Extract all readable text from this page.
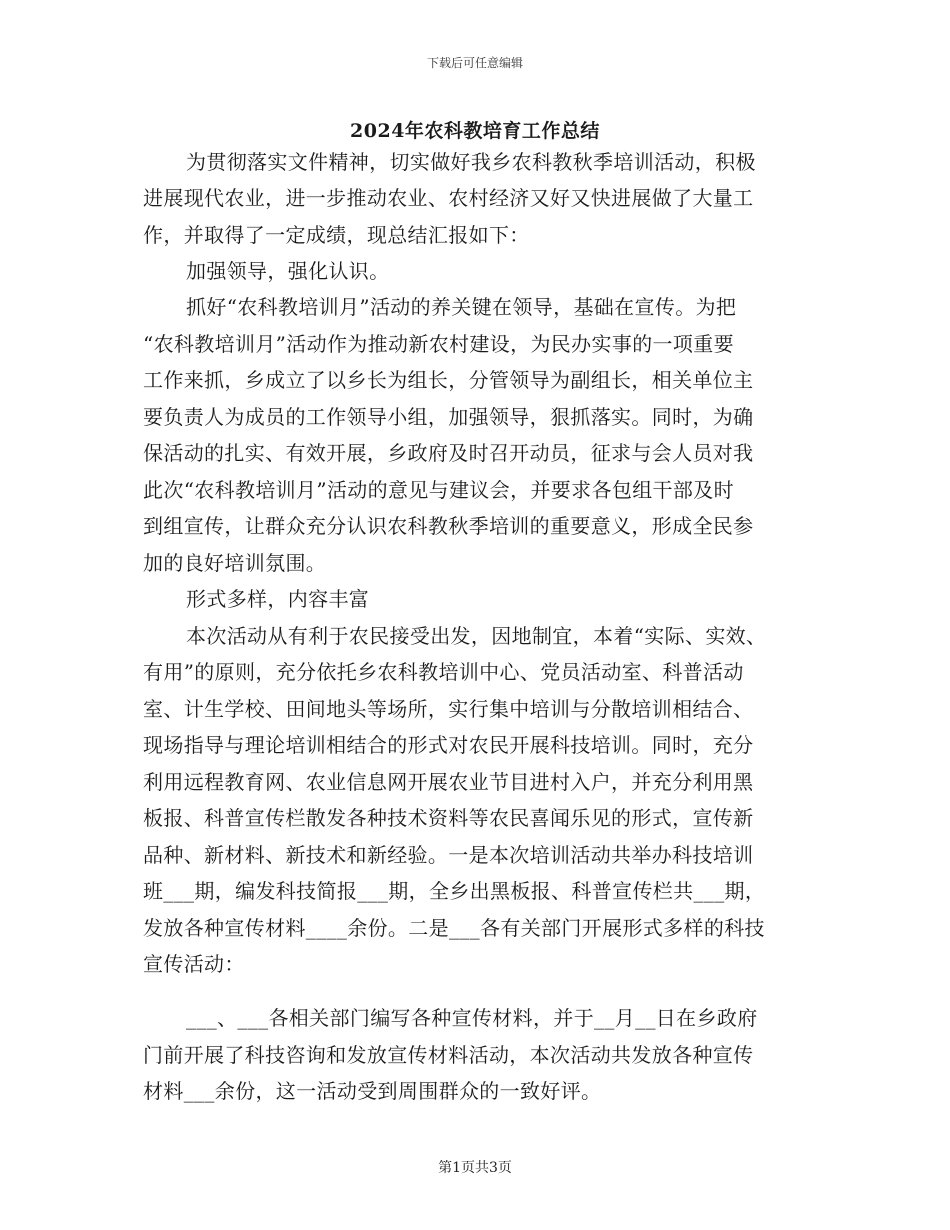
下载后可任意编辑
2024年农科教培育工作总结
为贯彻落实文件精神，切实做好我乡农科教秋季培训活动，积极
进展现代农业，进一步推动农业、农村经济又好又快进展做了大量工
作，并取得了一定成绩，现总结汇报如下：
加强领导，强化认识。
抓好“农科教培训月”活动的养关键在领导，基础在宣传。为把
“农科教培训月”活动作为推动新农村建设，为民办实事的一项重要
工作来抓，乡成立了以乡长为组长，分管领导为副组长，相关单位主
要负责人为成员的工作领导小组，加强领导，狠抓落实。同时，为确
保活动的扎实、有效开展，乡政府及时召开动员，征求与会人员对我
此次“农科教培训月”活动的意见与建议会，并要求各包组干部及时
到组宣传，让群众充分认识农科教秋季培训的重要意义，形成全民参
加的良好培训氛围。
形式多样，内容丰富
本次活动从有利于农民接受出发，因地制宜，本着“实际、实效、
有用”的原则，充分依托乡农科教培训中心、党员活动室、科普活动
室、计生学校、田间地头等场所，实行集中培训与分散培训相结合、
现场指导与理论培训相结合的形式对农民开展科技培训。同时，充分
利用远程教育网、农业信息网开展农业节目进村入户，并充分利用黑
板报、科普宣传栏散发各种技术资料等农民喜闻乐见的形式，宣传新
品种、新材料、新技术和新经验。一是本次培训活动共举办科技培训
班___期，编发科技简报___期，全乡出黑板报、科普宣传栏共___期，
发放各种宣传材料____余份。二是___各有关部门开展形式多样的科技
宣传活动：
___、___各相关部门编写各种宣传材料，并于__月__日在乡政府
门前开展了科技咨询和发放宣传材料活动，本次活动共发放各种宣传
材料___余份，这一活动受到周围群众的一致好评。
第1页共3页
